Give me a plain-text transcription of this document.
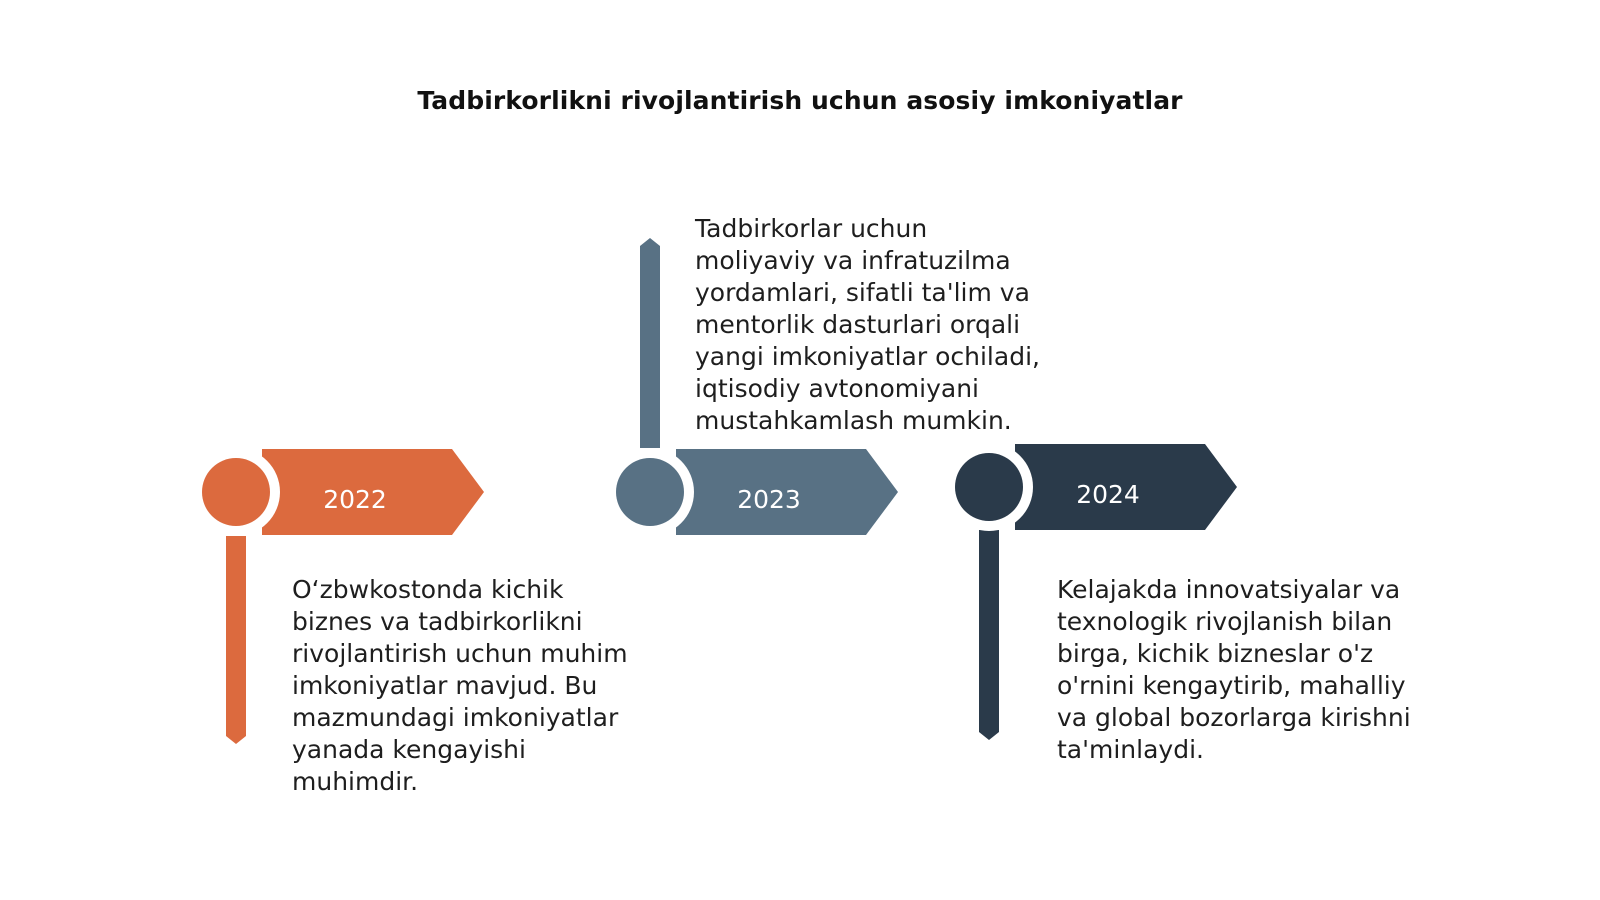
Tadbirkorlikni rivojlantirish uchun asosiy imkoniyatlar
2022	2023	2024

O‘zbwkostonda kichik biznes va tadbirkorlikni rivojlantirish uchun muhim imkoniyatlar mavjud. Bu mazmundagi imkoniyatlar yanada kengayishi muhimdir.

Tadbirkorlar uchun moliyaviy va infratuzilma yordamlari, sifatli ta'lim va mentorlik dasturlari orqali yangi imkoniyatlar ochiladi, iqtisodiy avtonomiyani mustahkamlash mumkin.

Kelajakda innovatsiyalar va texnologik rivojlanish bilan birga, kichik bizneslar o'z o'rnini kengaytirib, mahalliy va global bozorlarga kirishni ta'minlaydi.
